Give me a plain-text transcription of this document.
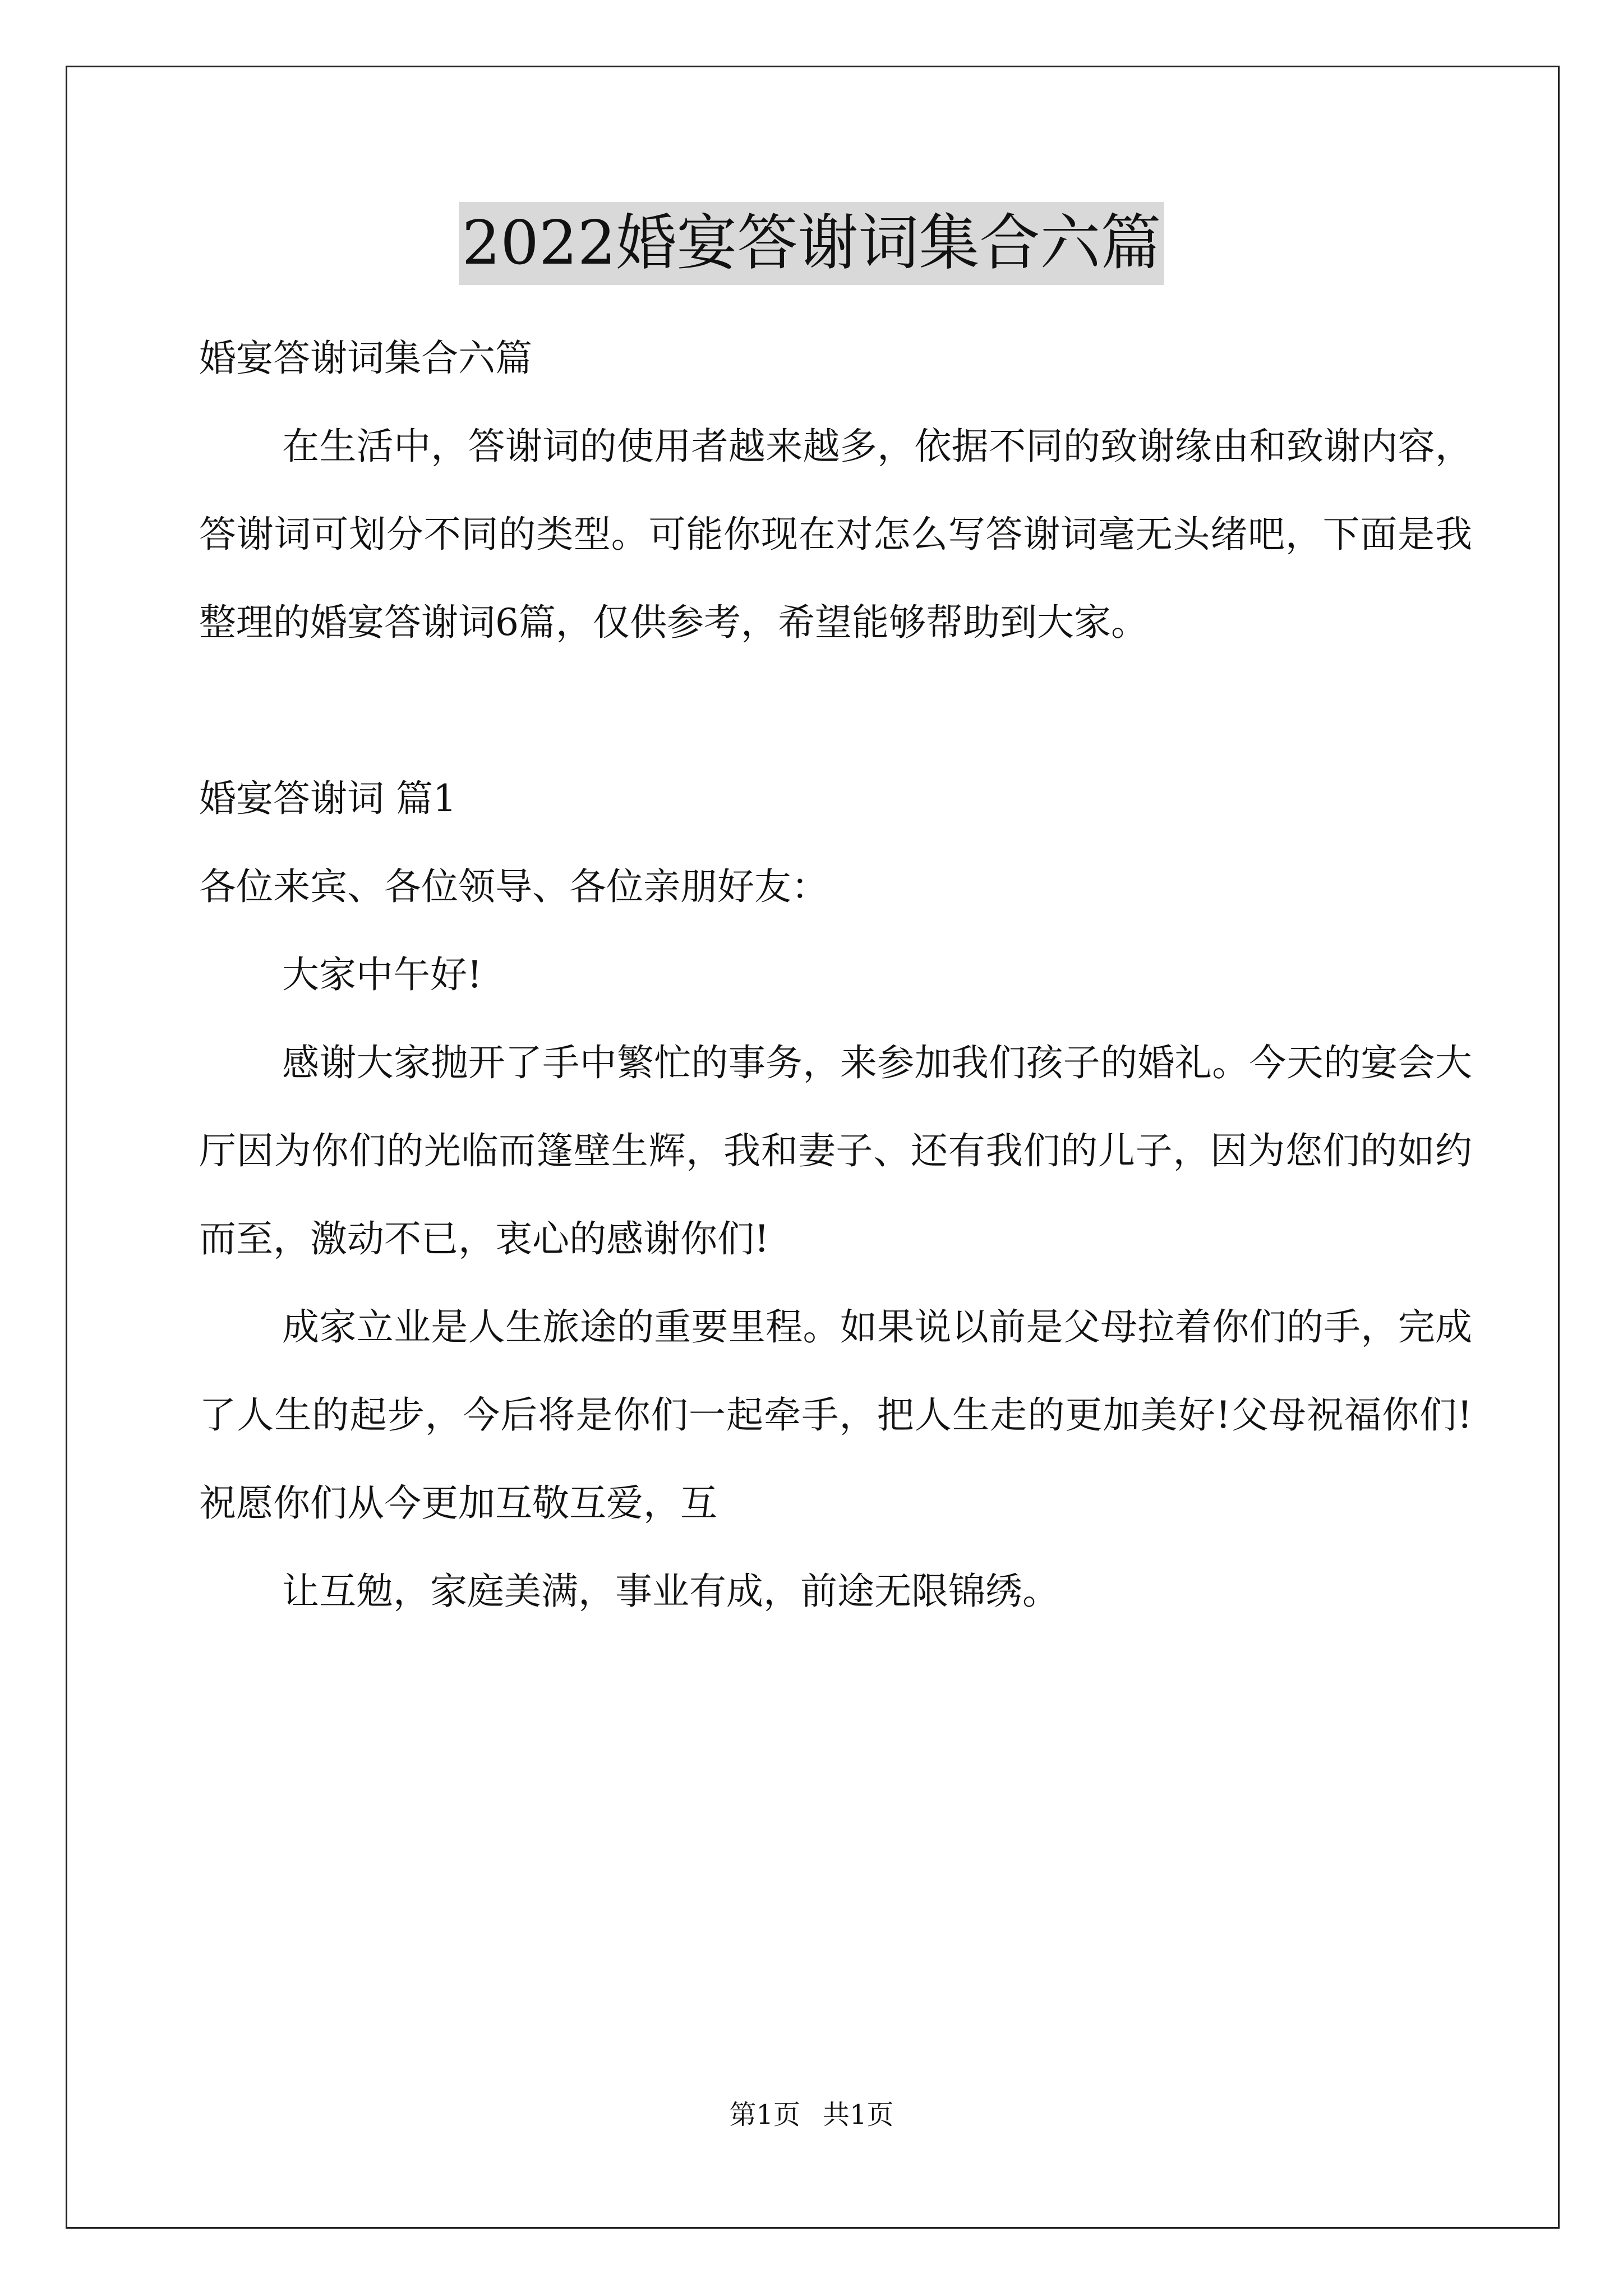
2022婚宴答谢词集合六篇

婚宴答谢词集合六篇

在生活中，答谢词的使用者越来越多，依据不同的致谢缘由和致谢内容，答谢词可划分不同的类型。可能你现在对怎么写答谢词毫无头绪吧，下面是我整理的婚宴答谢词6篇，仅供参考，希望能够帮助到大家。

婚宴答谢词 篇1

各位来宾、各位领导、各位亲朋好友：

大家中午好!

感谢大家抛开了手中繁忙的事务，来参加我们孩子的婚礼。今天的宴会大厅因为你们的光临而篷壁生辉，我和妻子、还有我们的儿子，因为您们的如约而至，激动不已，衷心的感谢你们!

成家立业是人生旅途的重要里程。如果说以前是父母拉着你们的手，完成了人生的起步，今后将是你们一起牵手，把人生走的更加美好!父母祝福你们!祝愿你们从今更加互敬互爱，互

让互勉，家庭美满，事业有成，前途无限锦绣。

第1页 共1页
